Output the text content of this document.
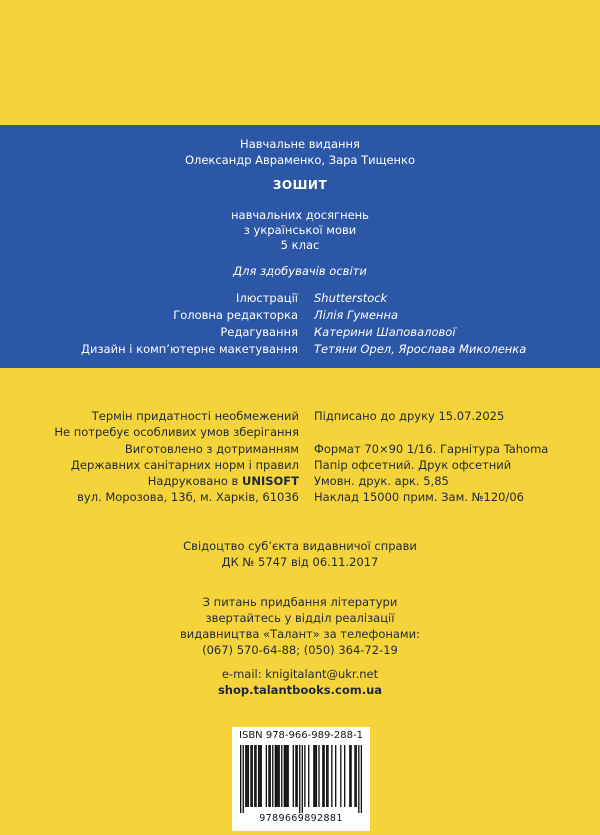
Навчальне видання
Олександр Авраменко, Зара Тищенко
ЗОШИТ
навчальних досягнень
з української мови
5 клас
Для здобувачів освіти
Ілюстрації Shutterstock
Головна редакторка Лілія Гуменна
Редагування Катерини Шаповалової
Дизайн і комп’ютерне макетування Тетяни Орел, Ярослава Миколенка
Термін придатності необмежений
Не потребує особливих умов зберігання
Виготовлено з дотриманням
Державних санітарних норм і правил
Надруковано в UNISOFT
вул. Морозова, 13б, м. Харків, 61036
Підписано до друку 15.07.2025

Формат 70×90 1/16. Гарнітура Tahoma
Папір офсетний. Друк офсетний
Умовн. друк. арк. 5,85
Наклад 15000 прим. Зам. №120/06
Свідоцтво суб’єкта видавничої справи
ДК № 5747 від 06.11.2017
З питань придбання літератури
звертайтесь у відділ реалізації
видавництва «Талант» за телефонами:
(067) 570-64-88; (050) 364-72-19
e-mail: knigitalant@ukr.net
shop.talantbooks.com.ua
ISBN 978-966-989-288-1
9789669892881
